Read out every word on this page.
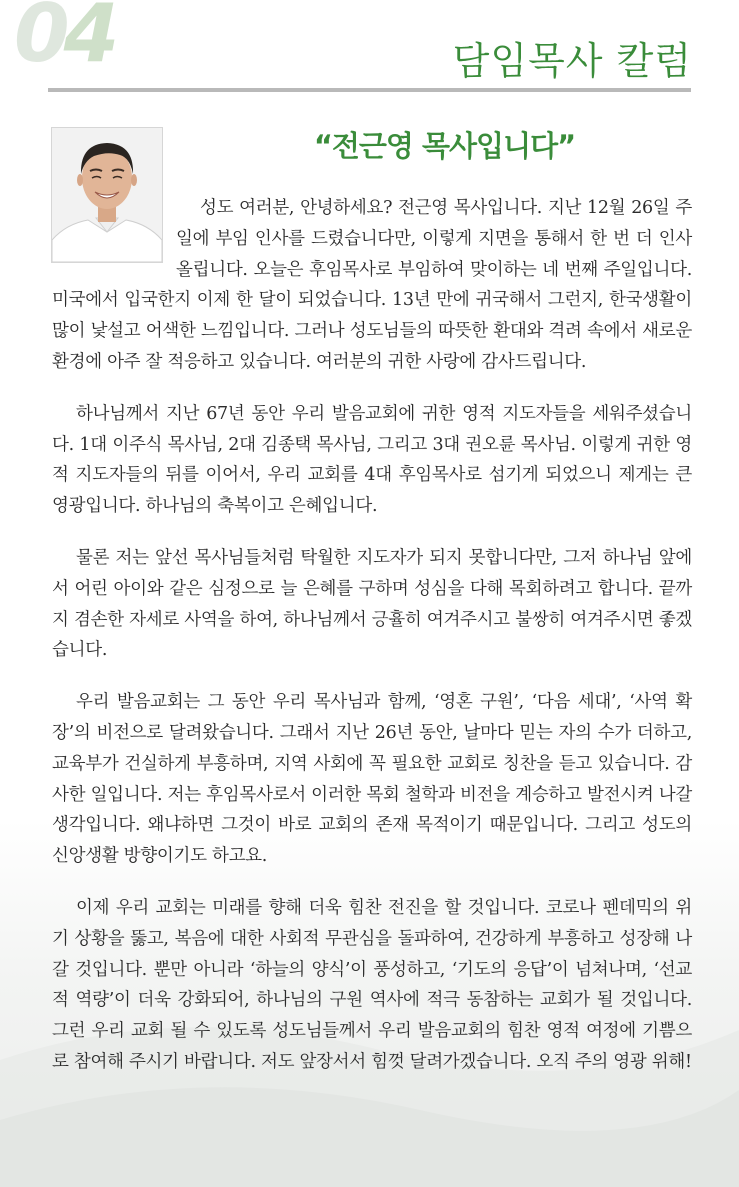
04	담임목사 칼럼
“전근영 목사입니다”

성도 여러분, 안녕하세요? 전근영 목사입니다. 지난 12월 26일 주일에 부임 인사를 드렸습니다만, 이렇게 지면을 통해서 한 번 더 인사 올립니다. 오늘은 후임목사로 부임하여 맞이하는 네 번째 주일입니다. 미국에서 입국한지 이제 한 달이 되었습니다. 13년 만에 귀국해서 그런지, 한국생활이 많이 낯설고 어색한 느낌입니다. 그러나 성도님들의 따뜻한 환대와 격려 속에서 새로운 환경에 아주 잘 적응하고 있습니다. 여러분의 귀한 사랑에 감사드립니다.

하나님께서 지난 67년 동안 우리 발음교회에 귀한 영적 지도자들을 세워주셨습니다. 1대 이주식 목사님, 2대 김종택 목사님, 그리고 3대 권오륜 목사님. 이렇게 귀한 영적 지도자들의 뒤를 이어서, 우리 교회를 4대 후임목사로 섬기게 되었으니 제게는 큰 영광입니다. 하나님의 축복이고 은혜입니다.

물론 저는 앞선 목사님들처럼 탁월한 지도자가 되지 못합니다만, 그저 하나님 앞에서 어린 아이와 같은 심정으로 늘 은혜를 구하며 성심을 다해 목회하려고 합니다. 끝까지 겸손한 자세로 사역을 하여, 하나님께서 긍휼히 여겨주시고 불쌍히 여겨주시면 좋겠습니다.

우리 발음교회는 그 동안 우리 목사님과 함께, ‘영혼 구원’, ‘다음 세대’, ‘사역 확장’의 비전으로 달려왔습니다. 그래서 지난 26년 동안, 날마다 믿는 자의 수가 더하고, 교육부가 건실하게 부흥하며, 지역 사회에 꼭 필요한 교회로 칭찬을 듣고 있습니다. 감사한 일입니다. 저는 후임목사로서 이러한 목회 철학과 비전을 계승하고 발전시켜 나갈 생각입니다. 왜냐하면 그것이 바로 교회의 존재 목적이기 때문입니다. 그리고 성도의 신앙생활 방향이기도 하고요.

이제 우리 교회는 미래를 향해 더욱 힘찬 전진을 할 것입니다. 코로나 펜데믹의 위기 상황을 뚫고, 복음에 대한 사회적 무관심을 돌파하여, 건강하게 부흥하고 성장해 나갈 것입니다. 뿐만 아니라 ‘하늘의 양식’이 풍성하고, ‘기도의 응답’이 넘쳐나며, ‘선교적 역량’이 더욱 강화되어, 하나님의 구원 역사에 적극 동참하는 교회가 될 것입니다. 그런 우리 교회 될 수 있도록 성도님들께서 우리 발음교회의 힘찬 영적 여정에 기쁨으로 참여해 주시기 바랍니다. 저도 앞장서서 힘껏 달려가겠습니다. 오직 주의 영광 위해!
